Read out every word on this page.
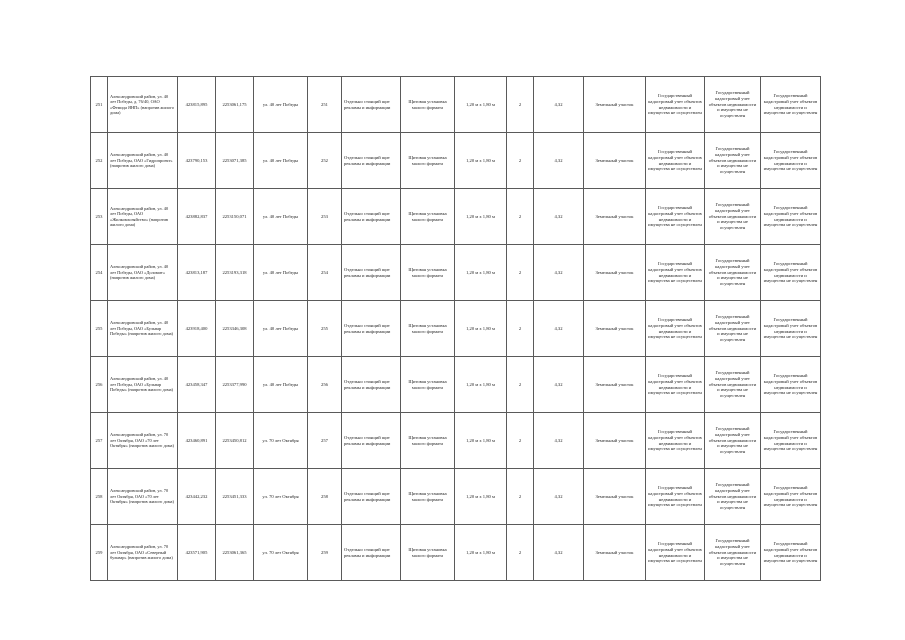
251	Александровский район, ул. 40 лет Победы, д. 76/40, ОАО «Фемида ЯНП» (напротив жилого дома)	423815,895	2253061,175	ул. 40 лет Победы	251	Отдельно стоящий щит рекламы и информации	Щитовая установка малого формата	1,20 м х 1,80 м	2	4,32	Земельный участок	Государственный кадастровый учет объектов недвижимости и имущества не осуществлен	Государственный кадастровый учет объектов недвижимости и имущества не осуществлен	Государственный кадастровый учет объектов недвижимости и имущества не осуществлен
252	Александровский район, ул. 40 лет Победы, ОАО «Гидропроект» (напротив жилого дома)	423790,153	2253071,385	ул. 40 лет Победы	252	Отдельно стоящий щит рекламы и информации	Щитовая установка малого формата	1,20 м х 1,80 м	2	4,32	Земельный участок	Государственный кадастровый учет объектов недвижимости и имущества не осуществлен	Государственный кадастровый учет объектов недвижимости и имущества не осуществлен	Государственный кадастровый учет объектов недвижимости и имущества не осуществлен
253	Александровский район, ул. 40 лет Победы, ОАО «Жилкомхозяйство» (напротив жилого дома)	423882,837	2253150,071	ул. 40 лет Победы	253	Отдельно стоящий щит рекламы и информации	Щитовая установка малого формата	1,20 м х 1,80 м	2	4,32	Земельный участок	Государственный кадастровый учет объектов недвижимости и имущества не осуществлен	Государственный кадастровый учет объектов недвижимости и имущества не осуществлен	Государственный кадастровый учет объектов недвижимости и имущества не осуществлен
254	Александровский район, ул. 40 лет Победы, ОАО «Доломит» (напротив жилого дома)	423813,187	2253193,318	ул. 40 лет Победы	254	Отдельно стоящий щит рекламы и информации	Щитовая установка малого формата	1,20 м х 1,80 м	2	4,32	Земельный участок	Государственный кадастровый учет объектов недвижимости и имущества не осуществлен	Государственный кадастровый учет объектов недвижимости и имущества не осуществлен	Государственный кадастровый учет объектов недвижимости и имущества не осуществлен
255	Александровский район, ул. 40 лет Победы, ОАО «Бульвар Победы» (напротив жилого дома)	423918,400	2253346,308	ул. 40 лет Победы	255	Отдельно стоящий щит рекламы и информации	Щитовая установка малого формата	1,20 м х 1,80 м	2	4,32	Земельный участок	Государственный кадастровый учет объектов недвижимости и имущества не осуществлен	Государственный кадастровый учет объектов недвижимости и имущества не осуществлен	Государственный кадастровый учет объектов недвижимости и имущества не осуществлен
256	Александровский район, ул. 40 лет Победы, ОАО «Бульвар Победы» (напротив жилого дома)	423458,347	2253377,990	ул. 40 лет Победы	256	Отдельно стоящий щит рекламы и информации	Щитовая установка малого формата	1,20 м х 1,80 м	2	4,32	Земельный участок	Государственный кадастровый учет объектов недвижимости и имущества не осуществлен	Государственный кадастровый учет объектов недвижимости и имущества не осуществлен	Государственный кадастровый учет объектов недвижимости и имущества не осуществлен
257	Александровский район, ул. 70 лет Октября, ОАО «70 лет Октября» (напротив жилого дома)	423460,891	2253450,812	ул. 70 лет Октября	257	Отдельно стоящий щит рекламы и информации	Щитовая установка малого формата	1,20 м х 1,80 м	2	4,32	Земельный участок	Государственный кадастровый учет объектов недвижимости и имущества не осуществлен	Государственный кадастровый учет объектов недвижимости и имущества не осуществлен	Государственный кадастровый учет объектов недвижимости и имущества не осуществлен
258	Александровский район, ул. 70 лет Октября, ОАО «70 лет Октября» (напротив жилого дома)	423442,232	2253451,333	ул. 70 лет Октября	258	Отдельно стоящий щит рекламы и информации	Щитовая установка малого формата	1,20 м х 1,80 м	2	4,32	Земельный участок	Государственный кадастровый учет объектов недвижимости и имущества не осуществлен	Государственный кадастровый учет объектов недвижимости и имущества не осуществлен	Государственный кадастровый учет объектов недвижимости и имущества не осуществлен
259	Александровский район, ул. 70 лет Октября, ОАО «Северный бульвар» (напротив жилого дома)	423571,905	2253061,365	ул. 70 лет Октября	259	Отдельно стоящий щит рекламы и информации	Щитовая установка малого формата	1,20 м х 1,80 м	2	4,32	Земельный участок	Государственный кадастровый учет объектов недвижимости и имущества не осуществлен	Государственный кадастровый учет объектов недвижимости и имущества не осуществлен	Государственный кадастровый учет объектов недвижимости и имущества не осуществлен
